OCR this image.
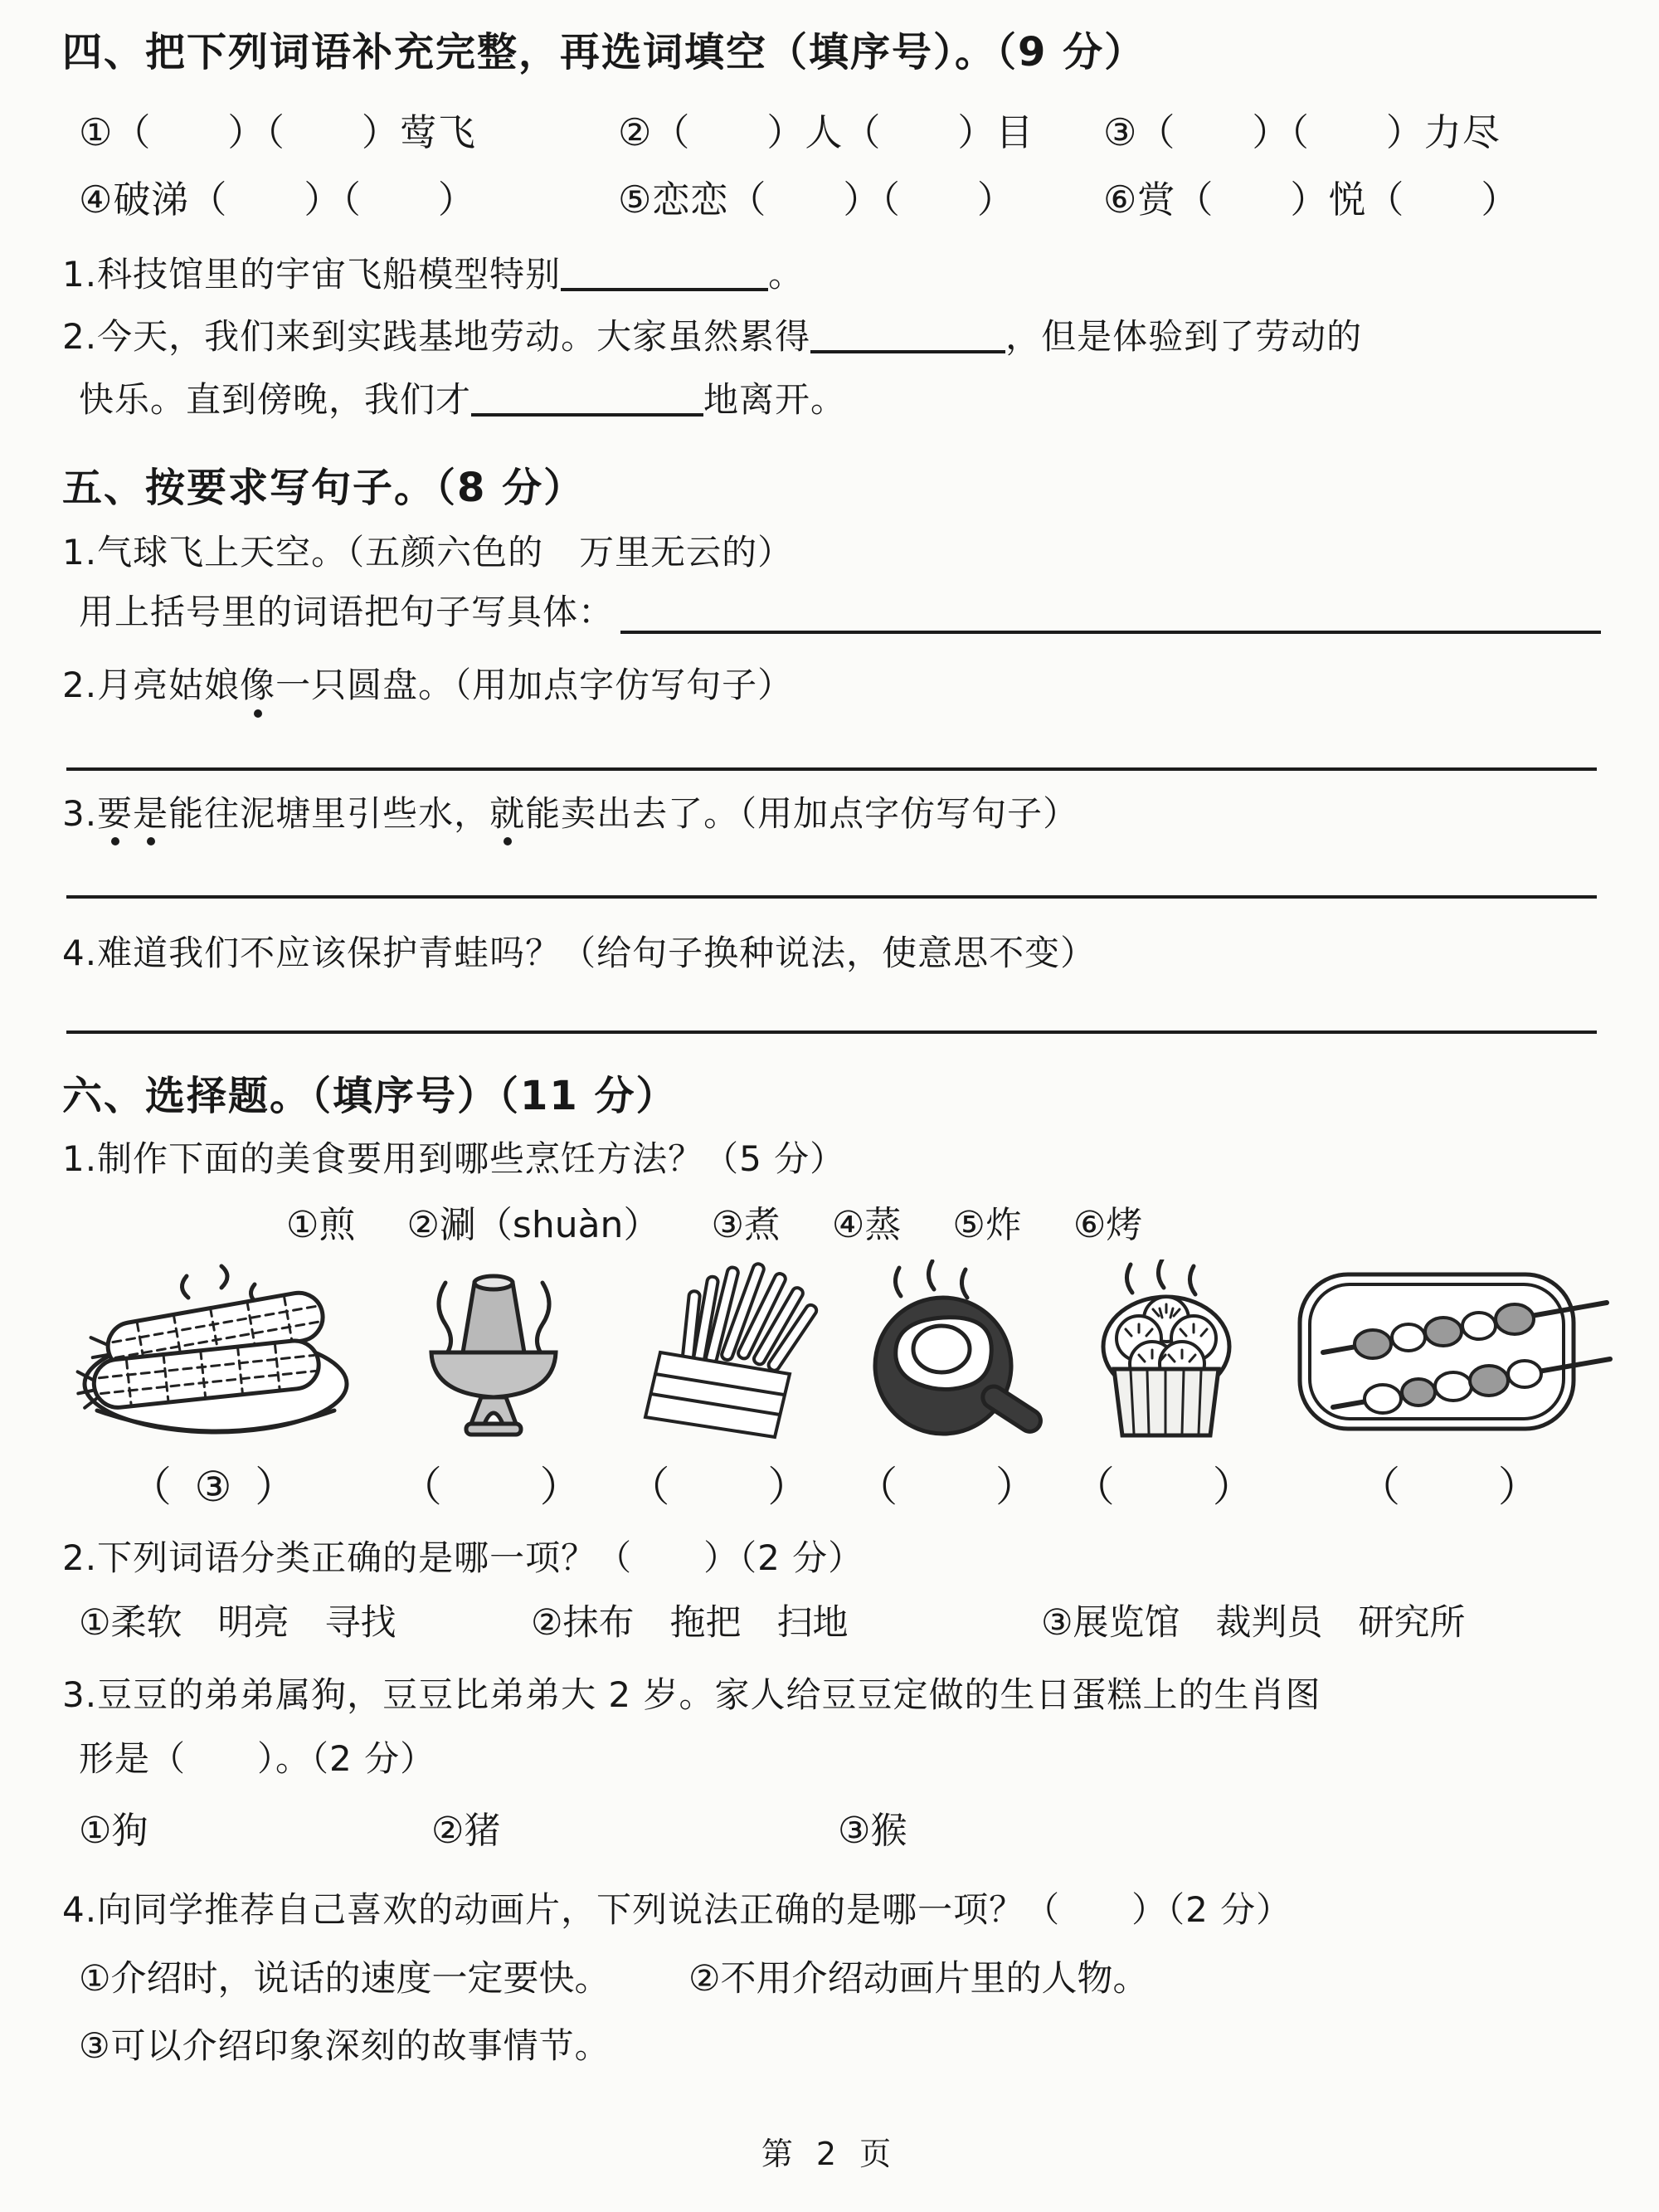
四、把下列词语补充完整，再选词填空（填序号）。（9 分）
①（　　）（　　）莺飞	②（　　）人（　　）目	③（　　）（　　）力尽
④破涕（　　）（　　）	⑤恋恋（　　）（　　）	⑥赏（　　）悦（　　）

1.科技馆里的宇宙飞船模型特别	。

2.今天，我们来到实践基地劳动。大家虽然累得	，但是体验到了劳动的

快乐。直到傍晚，我们才	地离开。

五、按要求写句子。（8 分）

1.气球飞上天空。（五颜六色的　万里无云的）

用上括号里的词语把句子写具体：

2.月亮姑娘像一只圆盘。（用加点字仿写句子）

3.要是能往泥塘里引些水，就能卖出去了。（用加点字仿写句子）

4.难道我们不应该保护青蛙吗？（给句子换种说法，使意思不变）

六、选择题。（填序号）（11 分）

1.制作下面的美食要用到哪些烹饪方法？（5 分）

①煎 ②涮（shuàn） ③煮 ④蒸 ⑤炸 ⑥烤
（ ③ ） （　　） （　　） （　　） （　　） （　　）

2.下列词语分类正确的是哪一项？（　　）（2 分）

①柔软　明亮　寻找	②抹布　拖把　扫地	③展览馆　裁判员　研究所

3.豆豆的弟弟属狗，豆豆比弟弟大 2 岁。家人给豆豆定做的生日蛋糕上的生肖图

形是（　　）。（2 分）

①狗	②猪	③猴

4.向同学推荐自己喜欢的动画片，下列说法正确的是哪一项？（　　）（2 分）

①介绍时，说话的速度一定要快。	②不用介绍动画片里的人物。

③可以介绍印象深刻的故事情节。

第 2 页
